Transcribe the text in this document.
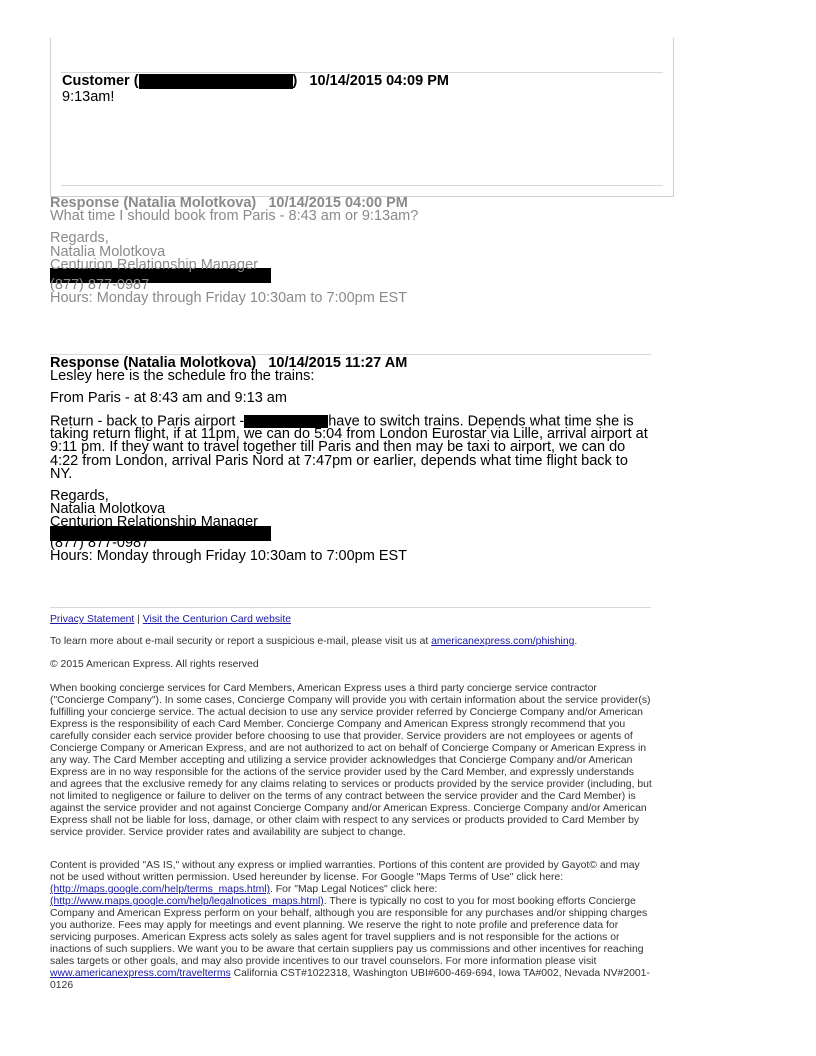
Customer (	) 10/14/2015 04:09 PM
9:13am!

Response (Natalia Molotkova) 10/14/2015 04:00 PM

What time I should book from Paris - 8:43 am or 9:13am?

Regards,

Natalia Molotkova

Centurion Relationship Manager

(877) 877-0987

Hours: Monday through Friday 10:30am to 7:00pm EST

Response (Natalia Molotkova) 10/14/2015 11:27 AM

Lesley here is the schedule fro the trains:

From Paris - at 8:43 am and 9:13 am

Return - back to Paris airport -	have to switch trains. Depends what time she is taking return flight, if at 11pm, we can do 5:04 from London Eurostar via Lille, arrival airport at 9:11 pm. If they want to travel together till Paris and then may be taxi to airport, we can do 4:22 from London, arrival Paris Nord at 7:47pm or earlier, depends what time flight back to NY.

Regards,

Natalia Molotkova

Centurion Relationship Manager

(877) 877-0987

Hours: Monday through Friday 10:30am to 7:00pm EST

Privacy Statement | Visit the Centurion Card website
To learn more about e-mail security or report a suspicious e-mail, please visit us at americanexpress.com/phishing.
© 2015 American Express. All rights reserved
When booking concierge services for Card Members, American Express uses a third party concierge service contractor ("Concierge Company"). In some cases, Concierge Company will provide you with certain information about the service provider(s) fulfilling your concierge service. The actual decision to use any service provider referred by Concierge Company and/or American Express is the responsibility of each Card Member. Concierge Company and American Express strongly recommend that you carefully consider each service provider before choosing to use that provider. Service providers are not employees or agents of Concierge Company or American Express, and are not authorized to act on behalf of Concierge Company or American Express in any way. The Card Member accepting and utilizing a service provider acknowledges that Concierge Company and/or American Express are in no way responsible for the actions of the service provider used by the Card Member, and expressly understands and agrees that the exclusive remedy for any claims relating to services or products provided by the service provider (including, but not limited to negligence or failure to deliver on the terms of any contract between the service provider and the Card Member) is against the service provider and not against Concierge Company and/or American Express. Concierge Company and/or American Express shall not be liable for loss, damage, or other claim with respect to any services or products provided to Card Member by service provider. Service provider rates and availability are subject to change.
Content is provided "AS IS," without any express or implied warranties. Portions of this content are provided by Gayot© and may not be used without written permission. Used hereunder by license. For Google "Maps Terms of Use" click here: (http://maps.google.com/help/terms_maps.html). For "Map Legal Notices" click here: (http://www.maps.google.com/help/legalnotices_maps.html). There is typically no cost to you for most booking efforts Concierge Company and American Express perform on your behalf, although you are responsible for any purchases and/or shipping charges you authorize. Fees may apply for meetings and event planning. We reserve the right to note profile and preference data for servicing purposes. American Express acts solely as sales agent for travel suppliers and is not responsible for the actions or inactions of such suppliers. We want you to be aware that certain suppliers pay us commissions and other incentives for reaching sales targets or other goals, and may also provide incentives to our travel counselors. For more information please visit www.americanexpress.com/travelterms California CST#1022318, Washington UBI#600-469-694, Iowa TA#002, Nevada NV#2001-0126
